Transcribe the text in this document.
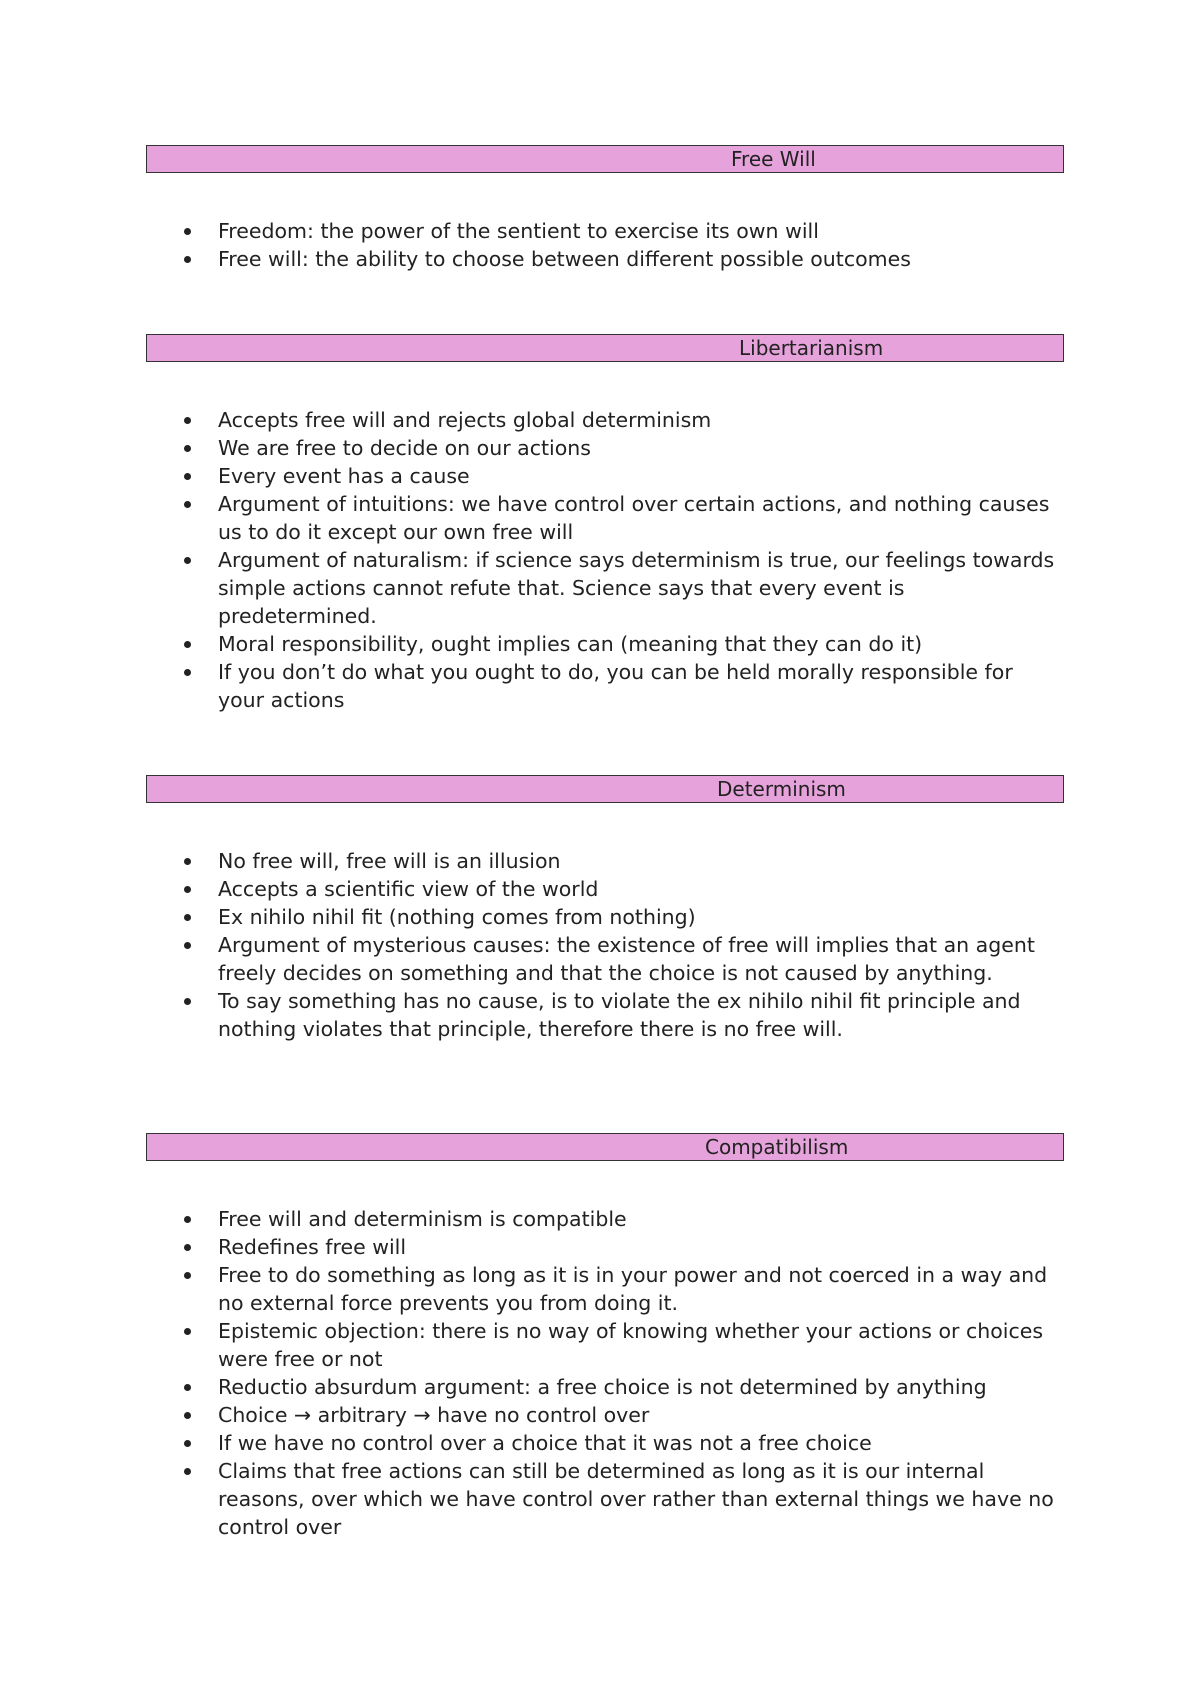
Free Will
Freedom: the power of the sentient to exercise its own will
Free will: the ability to choose between different possible outcomes
Libertarianism
Accepts free will and rejects global determinism
We are free to decide on our actions
Every event has a cause
Argument of intuitions: we have control over certain actions, and nothing causes us to do it except our own free will
Argument of naturalism: if science says determinism is true, our feelings towards simple actions cannot refute that. Science says that every event is predetermined.
Moral responsibility, ought implies can (meaning that they can do it)
If you don’t do what you ought to do, you can be held morally responsible for your actions
Determinism
No free will, free will is an illusion
Accepts a scientific view of the world
Ex nihilo nihil fit (nothing comes from nothing)
Argument of mysterious causes: the existence of free will implies that an agent freely decides on something and that the choice is not caused by anything.
To say something has no cause, is to violate the ex nihilo nihil fit principle and nothing violates that principle, therefore there is no free will.
Compatibilism
Free will and determinism is compatible
Redefines free will
Free to do something as long as it is in your power and not coerced in a way and no external force prevents you from doing it.
Epistemic objection: there is no way of knowing whether your actions or choices were free or not
Reductio absurdum argument: a free choice is not determined by anything
Choice → arbitrary → have no control over
If we have no control over a choice that it was not a free choice
Claims that free actions can still be determined as long as it is our internal reasons, over which we have control over rather than external things we have no control over
